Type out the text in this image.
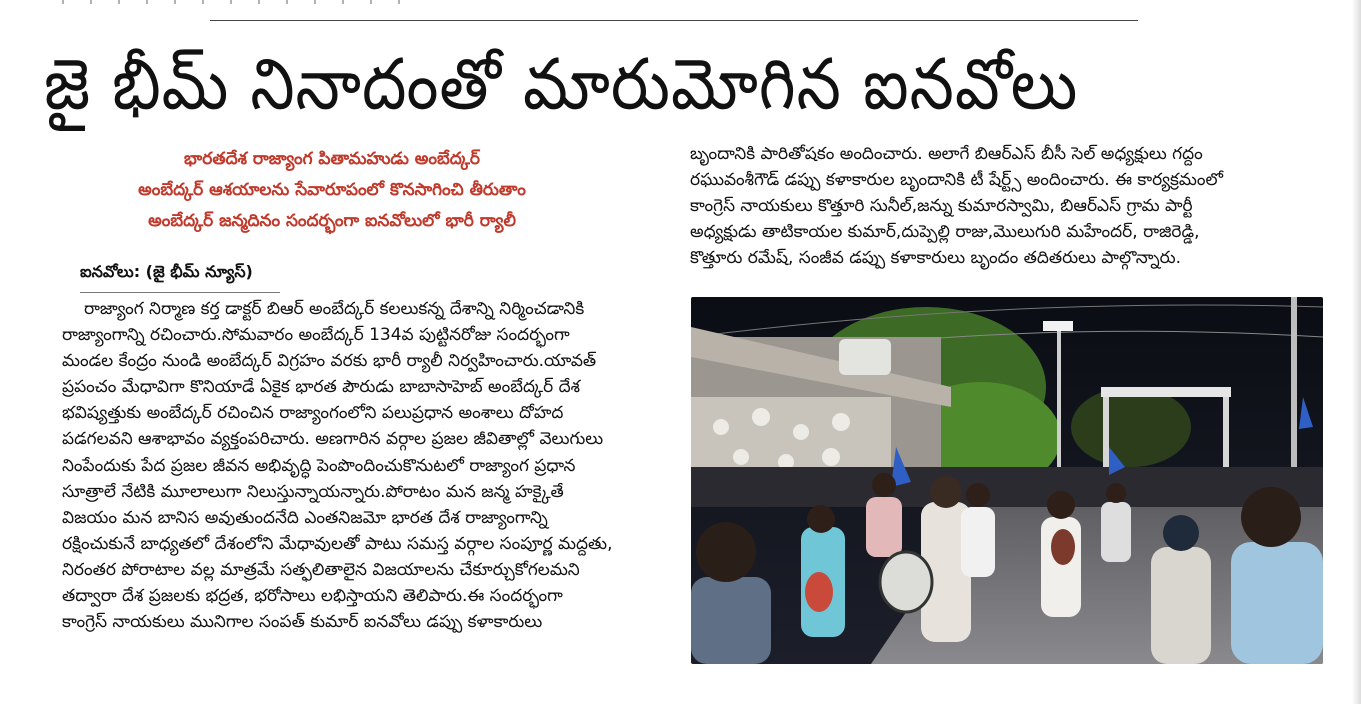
జై భీమ్ నినాదంతో మారుమోగిన ఐనవోలు
భారతదేశ రాజ్యాంగ పితామహుడు అంబేద్కర్
అంబేద్కర్ ఆశయాలను సేవారూపంలో కొనసాగించి తీరుతాం
అంబేద్కర్ జన్మదినం సందర్భంగా ఐనవోలులో భారీ ర్యాలీ
ఐనవోలు: (జై భీమ్ న్యూస్)
రాజ్యాంగ నిర్మాణ కర్త డాక్టర్ బిఆర్ అంబేద్కర్ కలలుకన్న దేశాన్ని నిర్మించడానికి
రాజ్యాంగాన్ని రచించారు.సోమవారం అంబేద్కర్ 134వ పుట్టినరోజు సందర్భంగా
మండల కేంద్రం నుండి అంబేద్కర్ విగ్రహం వరకు భారీ ర్యాలీ నిర్వహించారు.యావత్
ప్రపంచం మేధావిగా కొనియాడే ఏకైక భారత పౌరుడు బాబాసాహెబ్ అంబేద్కర్ దేశ
భవిష్యత్తుకు అంబేద్కర్ రచించిన రాజ్యాంగంలోని పలుప్రధాన అంశాలు దోహద
పడగలవని ఆశాభావం వ్యక్తంపరిచారు. అణగారిన వర్గాల ప్రజల జీవితాల్లో వెలుగులు
నింపేందుకు పేద ప్రజల జీవన అభివృద్ధి పెంపొందించుకొనుటలో రాజ్యాంగ ప్రధాన
సూత్రాలే నేటికి మూలాలుగా నిలుస్తున్నాయన్నారు.పోరాటం మన జన్మ హక్కైతే
విజయం మన బానిస అవుతుందనేది ఎంతనిజమో భారత దేశ రాజ్యాంగాన్ని
రక్షించుకునే బాధ్యతలో దేశంలోని మేధావులతో పాటు సమస్త వర్గాల సంపూర్ణ మద్దతు,
నిరంతర పోరాటాల వల్ల మాత్రమే సత్ఫలితాలైన విజయాలను చేకూర్చుకోగలమని
తద్వారా దేశ ప్రజలకు భద్రత, భరోసాలు లభిస్తాయని తెలిపారు.ఈ సందర్భంగా
కాంగ్రెస్ నాయకులు మునిగాల సంపత్ కుమార్ ఐనవోలు డప్పు కళాకారులు
బృందానికి పారితోషకం అందించారు. అలాగే బిఆర్ఎస్ బీసీ సెల్ అధ్యక్షులు గద్దం
రఘువంశీగౌడ్ డప్పు కళాకారుల బృందానికి టీ షేర్ట్స్ అందించారు. ఈ కార్యక్రమంలో
కాంగ్రెస్ నాయకులు కొత్తూరి సునీల్,జన్ను కుమారస్వామి, బిఆర్ఎస్ గ్రామ పార్టీ
అధ్యక్షుడు తాటికాయల కుమార్,దుప్పెల్లి రాజు,మొలుగురి మహేందర్, రాజిరెడ్డి,
కొత్తూరు రమేష్, సంజీవ డప్పు కళాకారులు బృందం తదితరులు పాల్గొన్నారు.
